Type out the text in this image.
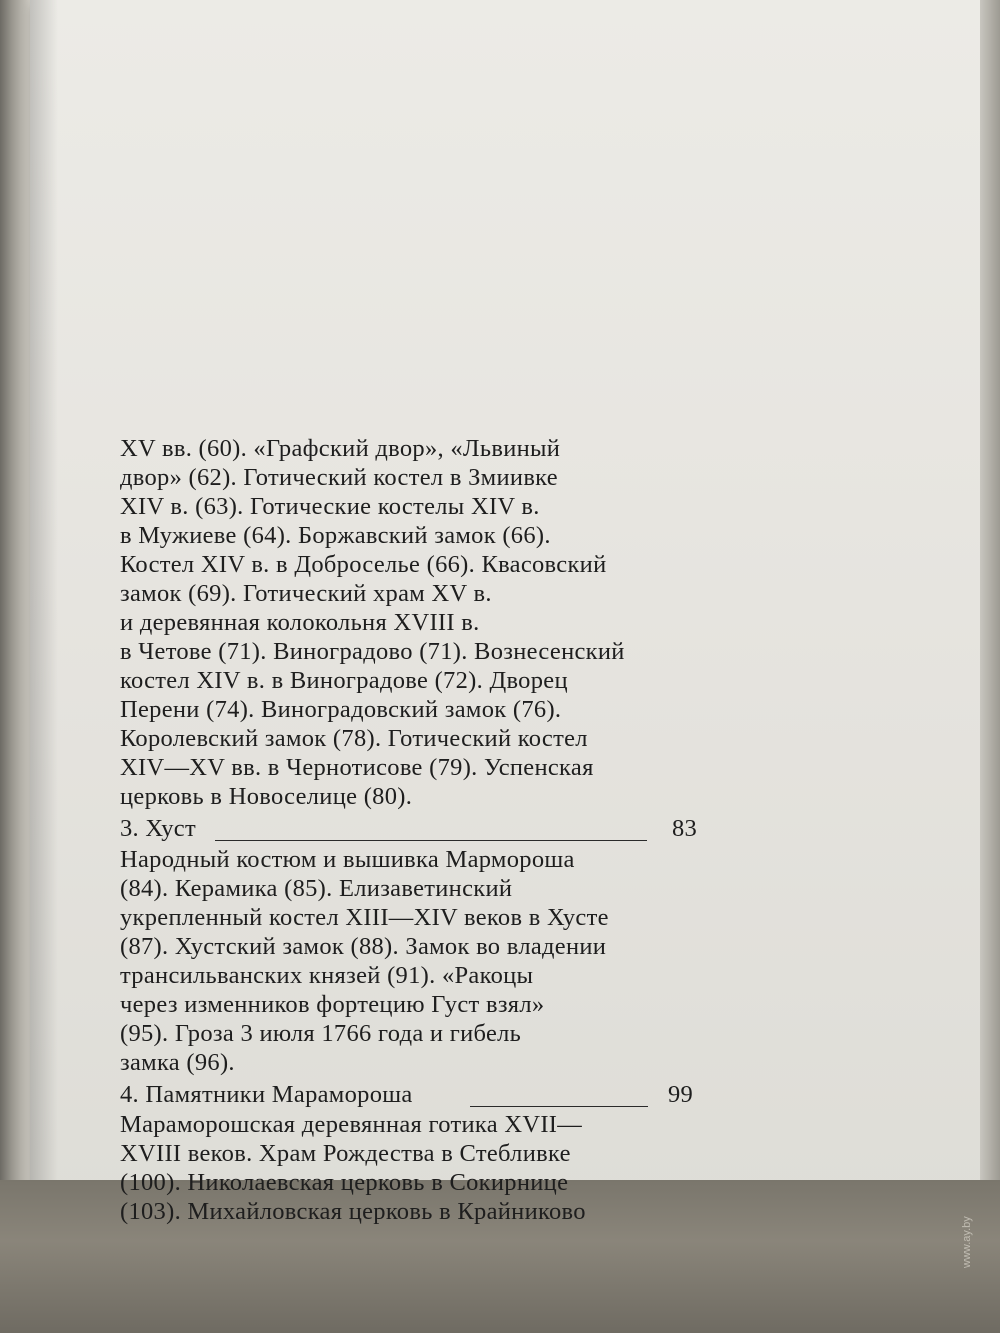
XV вв. (60). «Графский двор», «Львиный
двор» (62). Готический костел в Змиивке
XIV в. (63). Готические костелы XIV в.
в Мужиеве (64). Боржавский замок (66).
Костел XIV в. в Доброселье (66). Квасовский
замок (69). Готический храм XV в.
и деревянная колокольня XVIII в.
в Четове (71). Виноградово (71). Вознесенский
костел XIV в. в Виноградове (72). Дворец
Перени (74). Виноградовский замок (76).
Королевский замок (78). Готический костел
XIV—XV вв. в Чернотисове (79). Успенская
церковь в Новоселице (80).
3. Хуст	83
Народный костюм и вышивка Мармороша
(84). Керамика (85). Елизаветинский
укрепленный костел XIII—XIV веков в Хусте
(87). Хустский замок (88). Замок во владении
трансильванских князей (91). «Ракоцы
через изменников фортецию Густ взял»
(95). Гроза 3 июля 1766 года и гибель
замка (96).
4. Памятники Марамороша	99
Мараморошская деревянная готика XVII—
XVIII веков. Храм Рождества в Стебливке
(100). Николаевская церковь в Сокирнице
(103). Михайловская церковь в Крайниково
www.ay.by
